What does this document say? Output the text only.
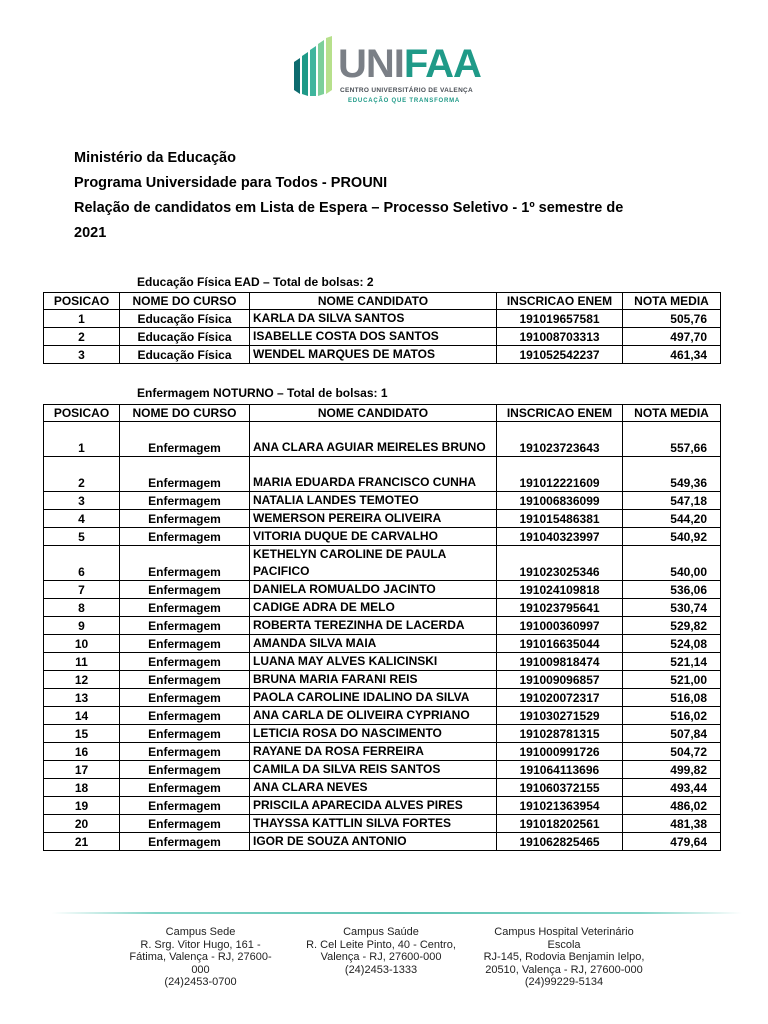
UNIFAA
CENTRO UNIVERSITÁRIO DE VALENÇA
EDUCAÇÃO QUE TRANSFORMA
Ministério da Educação
Programa Universidade para Todos - PROUNI
Relação de candidatos em Lista de Espera – Processo Seletivo - 1º semestre de
2021
Educação Física EAD – Total de bolsas: 2
POSICAO	NOME DO CURSO	NOME CANDIDATO	INSCRICAO ENEM	NOTA MEDIA
1	Educação Física	KARLA DA SILVA SANTOS	191019657581	505,76
2	Educação Física	ISABELLE COSTA DOS SANTOS	191008703313	497,70
3	Educação Física	WENDEL MARQUES DE MATOS	191052542237	461,34
Enfermagem NOTURNO – Total de bolsas: 1
POSICAO	NOME DO CURSO	NOME CANDIDATO	INSCRICAO ENEM	NOTA MEDIA
1	Enfermagem	ANA CLARA AGUIAR MEIRELES BRUNO	191023723643	557,66
2	Enfermagem	MARIA EDUARDA FRANCISCO CUNHA	191012221609	549,36
3	Enfermagem	NATALIA LANDES TEMOTEO	191006836099	547,18
4	Enfermagem	WEMERSON PEREIRA OLIVEIRA	191015486381	544,20
5	Enfermagem	VITORIA DUQUE DE CARVALHO	191040323997	540,92
6	Enfermagem	KETHELYN CAROLINE DE PAULA PACIFICO	191023025346	540,00
7	Enfermagem	DANIELA ROMUALDO JACINTO	191024109818	536,06
8	Enfermagem	CADIGE ADRA DE MELO	191023795641	530,74
9	Enfermagem	ROBERTA TEREZINHA DE LACERDA	191000360997	529,82
10	Enfermagem	AMANDA SILVA MAIA	191016635044	524,08
11	Enfermagem	LUANA MAY ALVES KALICINSKI	191009818474	521,14
12	Enfermagem	BRUNA MARIA FARANI REIS	191009096857	521,00
13	Enfermagem	PAOLA CAROLINE IDALINO DA SILVA	191020072317	516,08
14	Enfermagem	ANA CARLA DE OLIVEIRA CYPRIANO	191030271529	516,02
15	Enfermagem	LETICIA ROSA DO NASCIMENTO	191028781315	507,84
16	Enfermagem	RAYANE DA ROSA FERREIRA	191000991726	504,72
17	Enfermagem	CAMILA DA SILVA REIS SANTOS	191064113696	499,82
18	Enfermagem	ANA CLARA NEVES	191060372155	493,44
19	Enfermagem	PRISCILA APARECIDA ALVES PIRES	191021363954	486,02
20	Enfermagem	THAYSSA KATTLIN SILVA FORTES	191018202561	481,38
21	Enfermagem	IGOR DE SOUZA ANTONIO	191062825465	479,64
Campus Sede
R. Srg. Vitor Hugo, 161 -
Fátima, Valença - RJ, 27600-
000
(24)2453-0700
Campus Saúde
R. Cel Leite Pinto, 40 - Centro,
Valença - RJ, 27600-000
(24)2453-1333
Campus Hospital Veterinário
Escola
RJ-145, Rodovia Benjamin Ielpo,
20510, Valença - RJ, 27600-000
(24)99229-5134
